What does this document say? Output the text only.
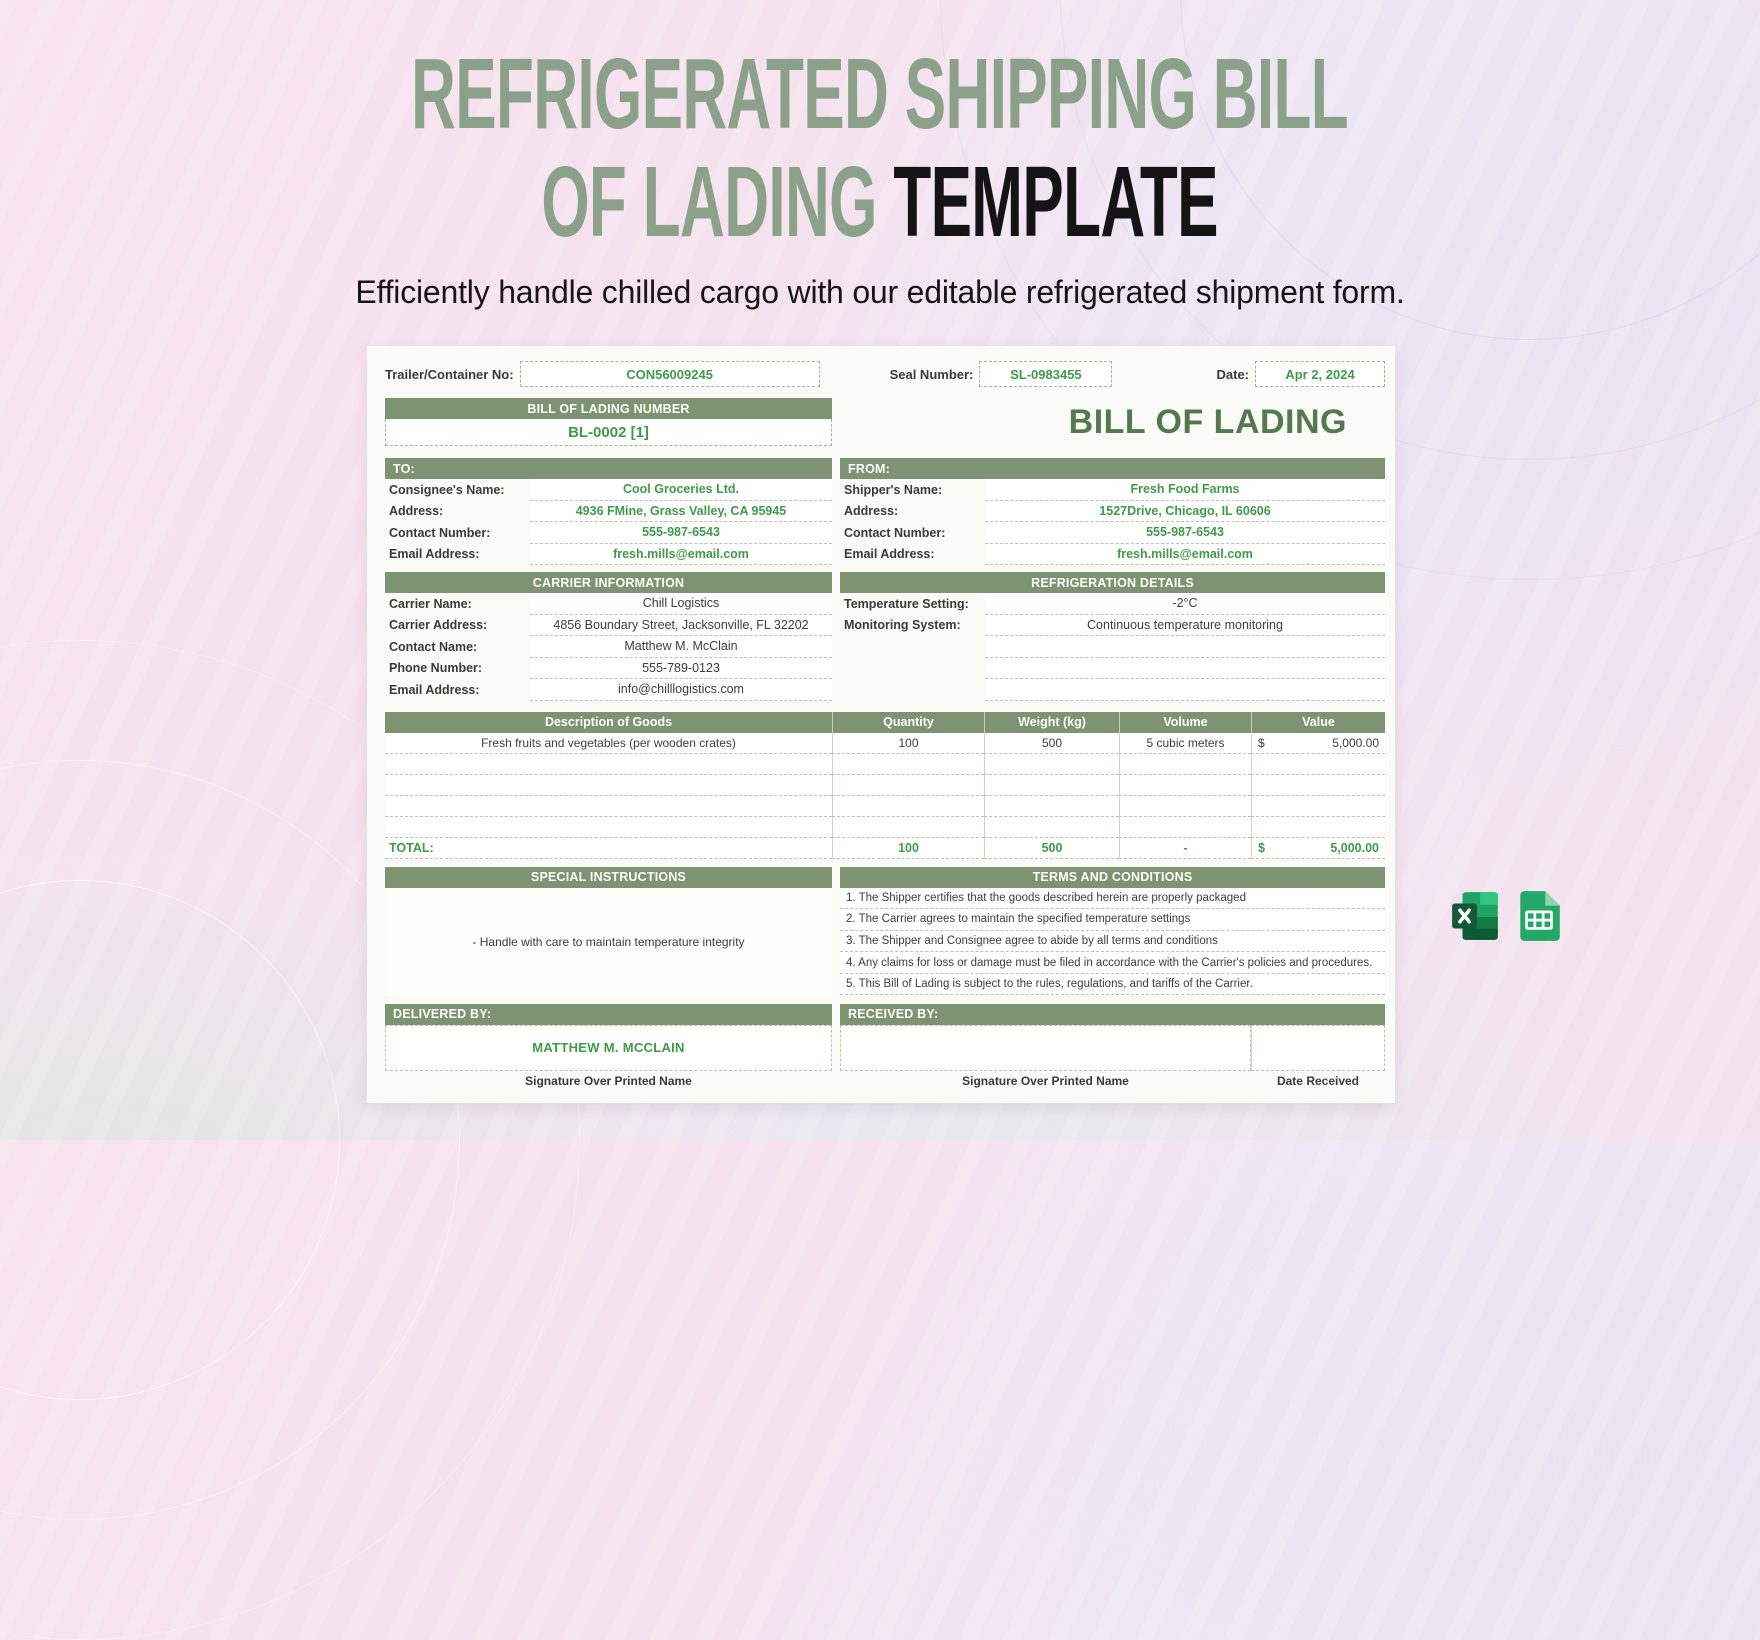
REFRIGERATED SHIPPING BILL
OF LADING TEMPLATE
Efficiently handle chilled cargo with our editable refrigerated shipment form.
Trailer/Container No:	CON56009245	Seal Number:	SL-0983455	Date:	Apr 2, 2024
BILL OF LADING NUMBER
BL-0002 [1]	BILL OF LADING
TO:
Consignee's Name:	Cool Groceries Ltd.
Address:	4936 FMine, Grass Valley, CA 95945
Contact Number:	555-987-6543
Email Address:	fresh.mills@email.com
FROM:
Shipper's Name:	Fresh Food Farms
Address:	1527Drive, Chicago, IL 60606
Contact Number:	555-987-6543
Email Address:	fresh.mills@email.com
CARRIER INFORMATION
Carrier Name:	Chill Logistics
Carrier Address:	4856 Boundary Street, Jacksonville, FL 32202
Contact Name:	Matthew M. McClain
Phone Number:	555-789-0123
Email Address:	info@chilllogistics.com
REFRIGERATION DETAILS
Temperature Setting:	-2°C
Monitoring System:	Continuous temperature monitoring
Description of Goods	Quantity	Weight (kg)	Volume	Value
Fresh fruits and vegetables (per wooden crates)	100	500	5 cubic meters	$	5,000.00
TOTAL:	100	500	-	$	5,000.00
SPECIAL INSTRUCTIONS
- Handle with care to maintain temperature integrity
TERMS AND CONDITIONS
1. The Shipper certifies that the goods described herein are properly packaged
2. The Carrier agrees to maintain the specified temperature settings
3. The Shipper and Consignee agree to abide by all terms and conditions
4. Any claims for loss or damage must be filed in accordance with the Carrier's policies and procedures.
5. This Bill of Lading is subject to the rules, regulations, and tariffs of the Carrier.
DELIVERED BY:
MATTHEW M. MCCLAIN
Signature Over Printed Name
RECEIVED BY:
Signature Over Printed Name	Date Received
